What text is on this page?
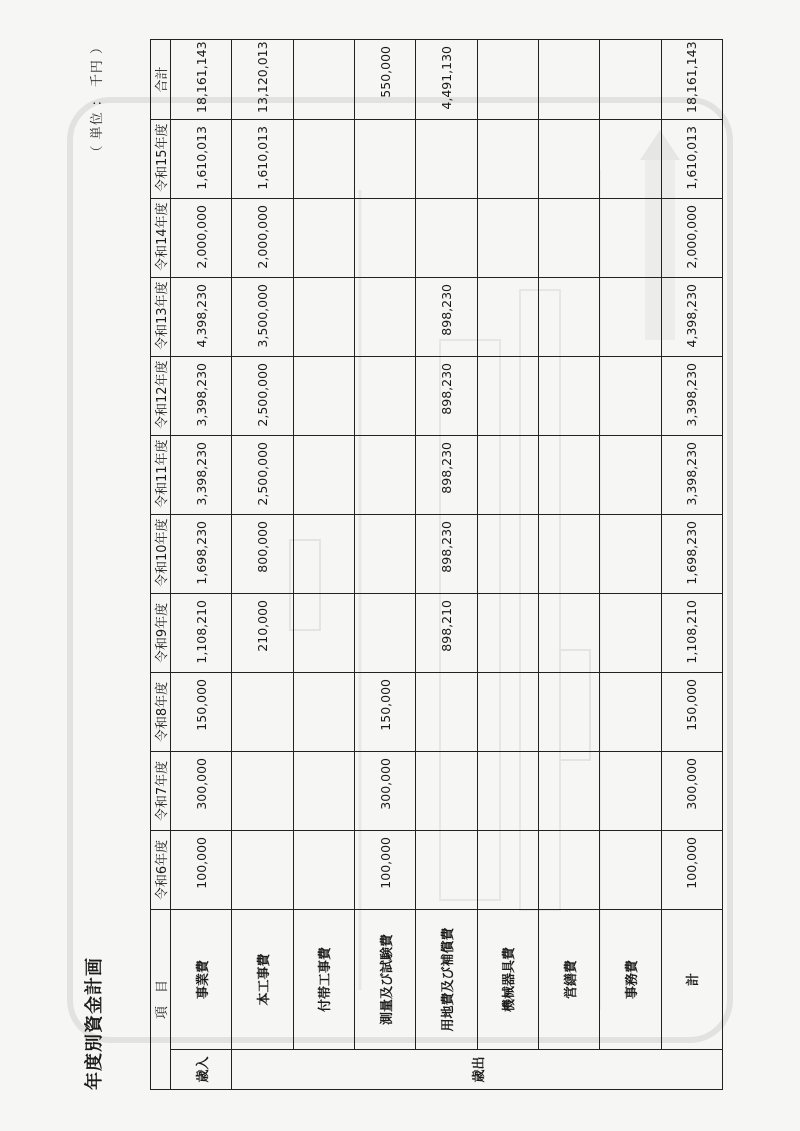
年度別資金計画
（ 単位 ： 千円 ）
項　目		令和6年度	令和7年度	令和8年度	令和9年度	令和10年度	令和11年度	令和12年度	令和13年度	令和14年度	令和15年度	合計
歳入	事業費	100,000	300,000	150,000	1,108,210	1,698,230	3,398,230	3,398,230	4,398,230	2,000,000	1,610,013	18,161,143
歳出	本工事費				210,000	800,000	2,500,000	2,500,000	3,500,000	2,000,000	1,610,013	13,120,013
	付帯工事費											
	測量及び試験費	100,000	300,000	150,000								550,000
	用地費及び補償費				898,210	898,230	898,230	898,230	898,230			4,491,130
	機械器具費											
	営繕費											
	事務費											
	計	100,000	300,000	150,000	1,108,210	1,698,230	3,398,230	3,398,230	4,398,230	2,000,000	1,610,013	18,161,143
